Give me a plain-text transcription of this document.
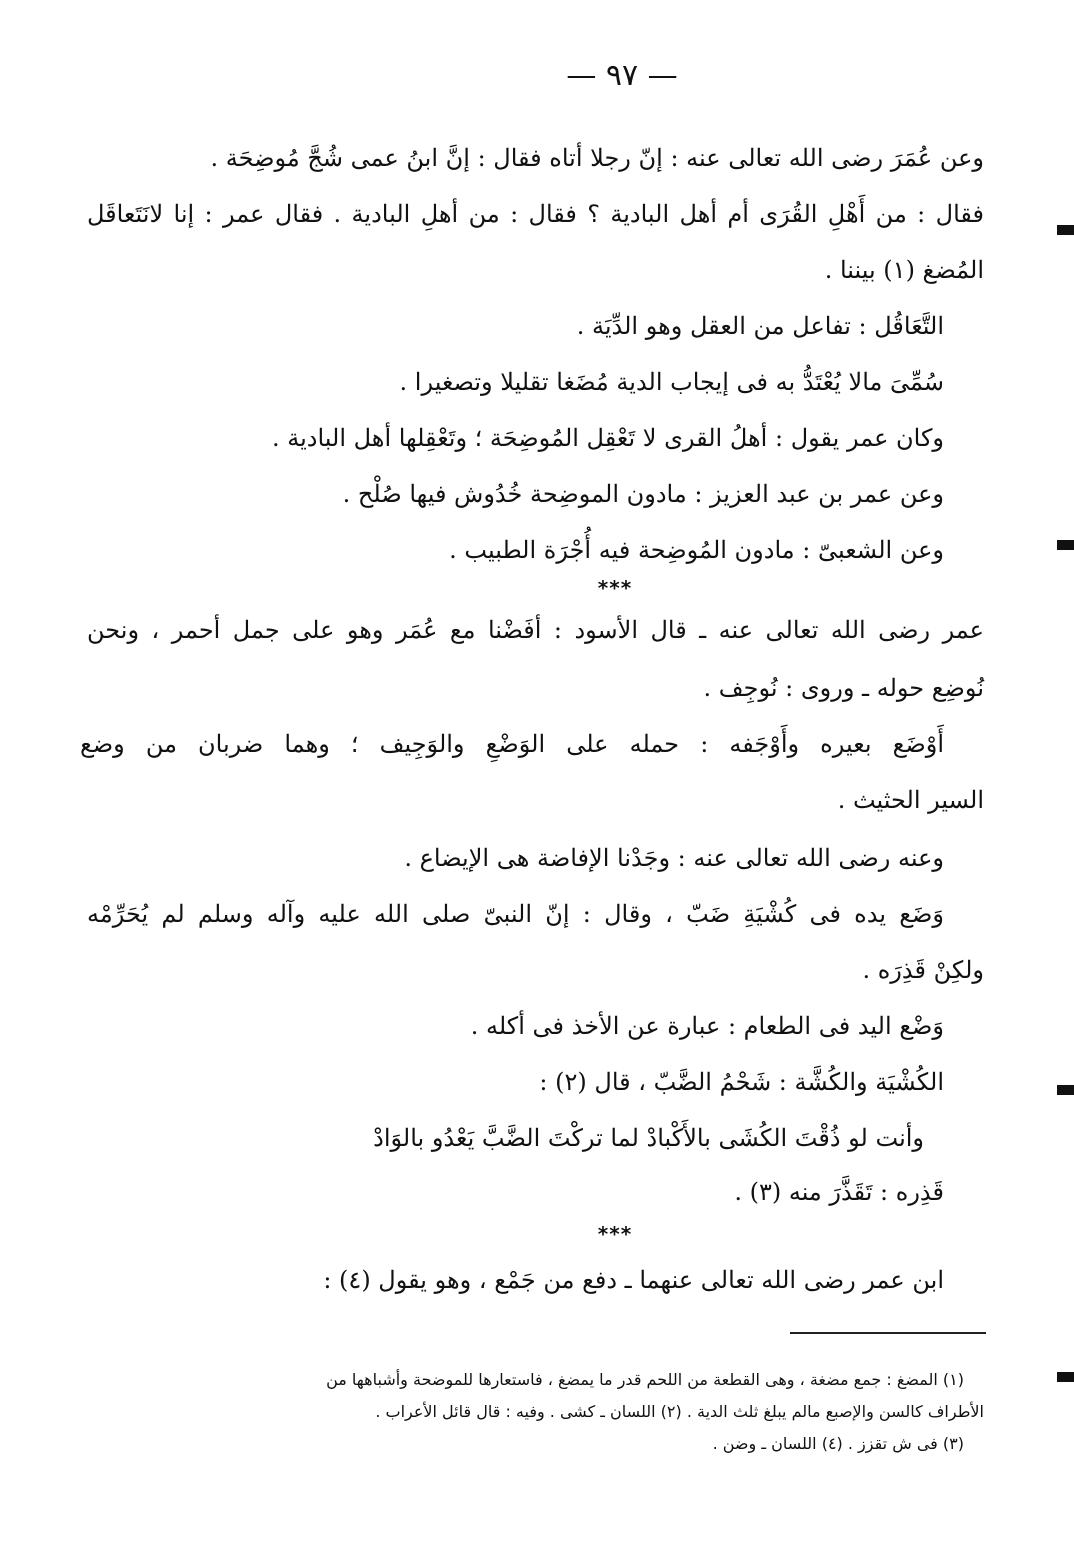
— ٩٧ —
وعن عُمَرَ رضى الله تعالى عنه : إنّ رجلا أتاه فقال : إنَّ ابنُ عمى شُجَّ مُوضِحَة .
فقال : من أَهْلِ القُرَى أم أهل البادية ؟ فقال : من أهلِ البادية . فقال عمر : إنا لانَتَعاقَل
المُضغ (١) بيننا .
التَّعَاقُل : تفاعل من العقل وهو الدِّيَة .
سُمِّىَ مالا يُعْتَدُّ به فى إيجاب الدية مُضَغا تقليلا وتصغيرا .
وكان عمر يقول : أهلُ القرى لا تَعْقِل المُوضِحَة ؛ وتَعْقِلها أهل البادية .
وعن عمر بن عبد العزيز : مادون الموضِحة خُدُوش فيها صُلْح .
وعن الشعبىّ : مادون المُوضِحة فيه أُجْرَة الطبيب .
***
عمر رضى الله تعالى عنه ـ قال الأسود : أفَضْنا مع عُمَر وهو على جمل أحمر ، ونحن
نُوضِع حوله ـ وروى : نُوجِف .
أَوْضَع بعيره وأَوْجَفه : حمله على الوَضْعِ والوَجِيف ؛ وهما ضربان من وضع
السير الحثيث .
وعنه رضى الله تعالى عنه : وجَدْنا الإفاضة هى الإيضاع .
وَضَع يده فى كُشْيَةِ ضَبّ ، وقال : إنّ النبىّ صلى الله عليه وآله وسلم لم يُحَرِّمْه
ولكِنْ قَذِرَه .
وَضْع اليد فى الطعام : عبارة عن الأخذ فى أكله .
الكُشْيَة والكُشَّة : شَحْمُ الضَّبّ ، قال (٢) :
وأنت لو ذُقْتَ الكُشَى بالأَكْبادْ لما تركْتَ الضَّبَّ يَعْدُو بالوَادْ
قَذِره : تَقَذَّرَ منه (٣) .
***
ابن عمر رضى الله تعالى عنهما ـ دفع من جَمْع ، وهو يقول (٤) :
(١) المضغ : جمع مضغة ، وهى القطعة من اللحم قدر ما يمضغ ، فاستعارها للموضحة وأشباهها من
الأطراف كالسن والإصبع مالم يبلغ ثلث الدية . (٢) اللسان ـ كشى . وفيه : قال قائل الأعراب .
(٣) فى ش تقزز . (٤) اللسان ـ وضن .
